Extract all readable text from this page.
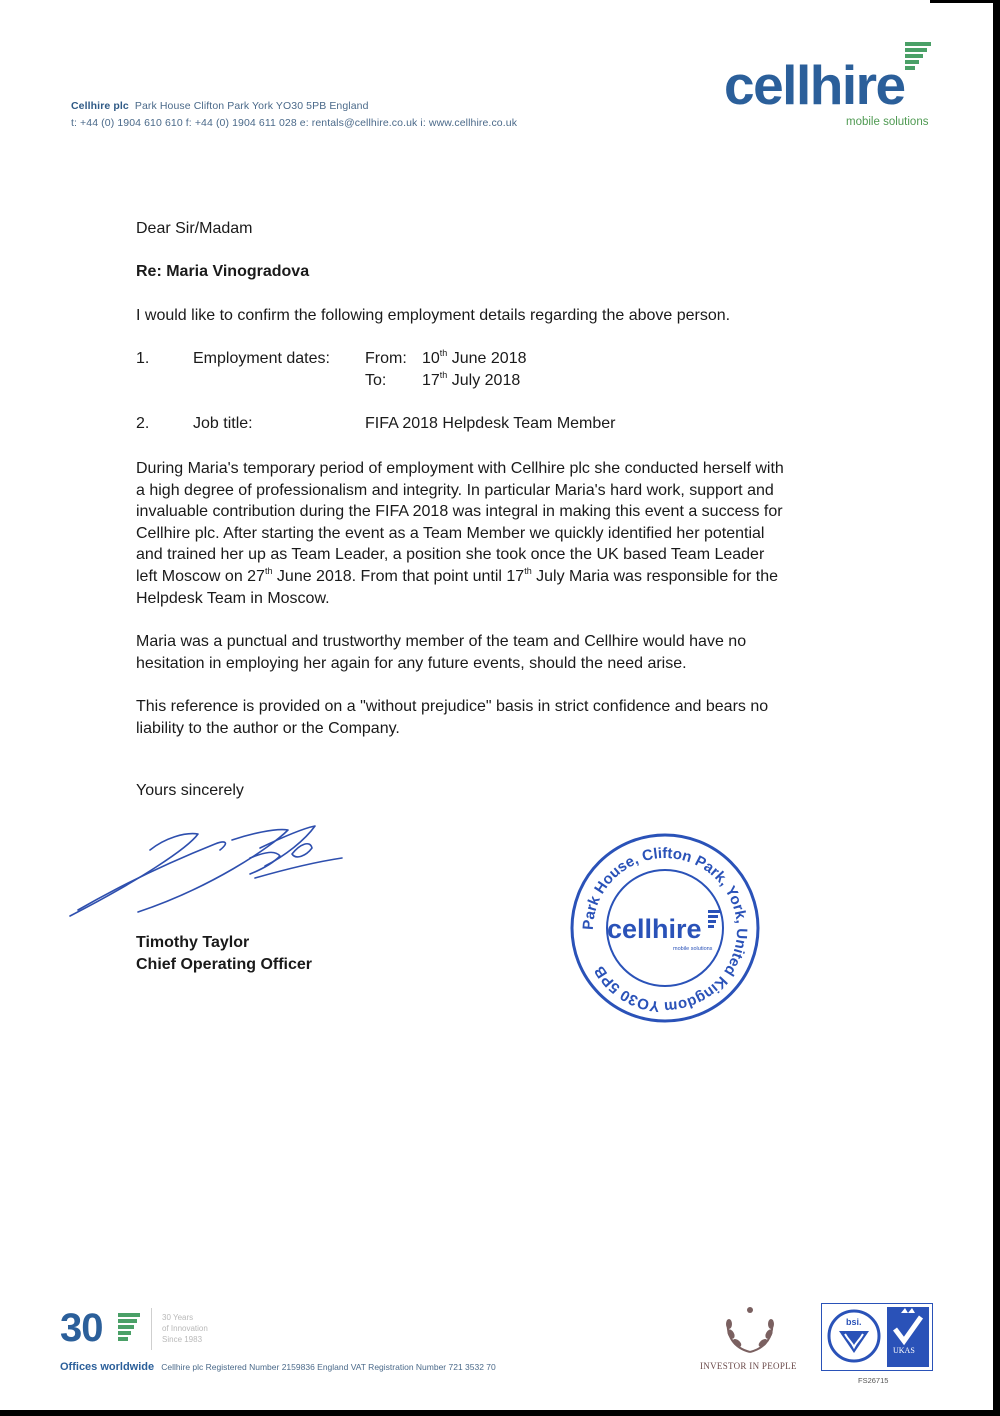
Cellhire plc Park House Clifton Park York YO30 5PB England
t: +44 (0) 1904 610 610 f: +44 (0) 1904 611 028 e: rentals@cellhire.co.uk i: www.cellhire.co.uk
cellhire
mobile solutions
Dear Sir/Madam
Re: Maria Vinogradova
I would like to confirm the following employment details regarding the above person.
1.	Employment dates: From: 10th June 2018
To: 17th July 2018
2.	Job title:	FIFA 2018 Helpdesk Team Member

During Maria's temporary period of employment with Cellhire plc she conducted herself with

a high degree of professionalism and integrity. In particular Maria's hard work, support and

invaluable contribution during the FIFA 2018 was integral in making this event a success for

Cellhire plc. After starting the event as a Team Member we quickly identified her potential

and trained her up as Team Leader, a position she took once the UK based Team Leader

left Moscow on 27th June 2018. From that point until 17th July Maria was responsible for the

Helpdesk Team in Moscow.

Maria was a punctual and trustworthy member of the team and Cellhire would have no

hesitation in employing her again for any future events, should the need arise.

This reference is provided on a "without prejudice" basis in strict confidence and bears no

liability to the author or the Company.

Yours sincerely
Timothy Taylor
Chief Operating Officer
Park House, Clifton Park, York, United Kingdom YO30 5PB
cellhire
mobile solutions
30	30 Years
of Innovation
Since 1983
Offices worldwide Cellhire plc Registered Number 2159836 England VAT Registration Number 721 3532 70	INVESTOR IN PEOPLE
bsi.
UKAS
FS26715
